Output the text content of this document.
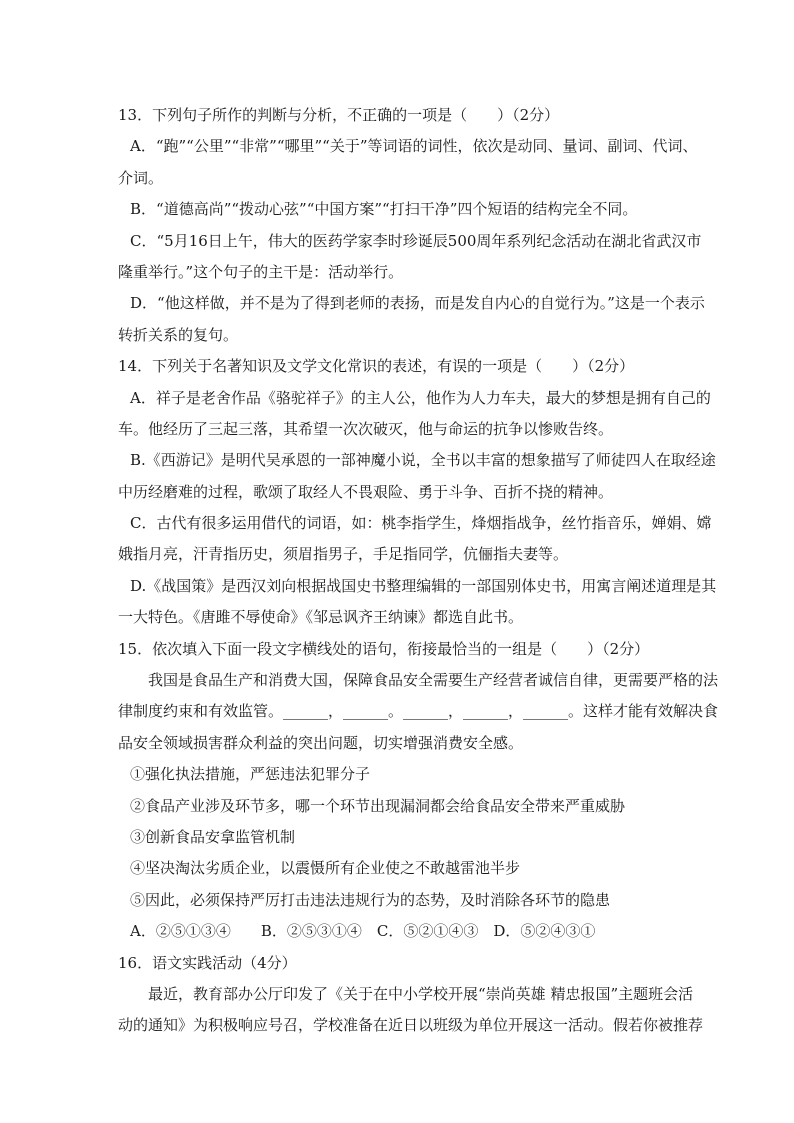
13．下列句子所作的判断与分析，不正确的一项是（　　）（2分）
A．“跑”“公里”“非常”“哪里”“关于”等词语的词性，依次是动同、量词、副词、代词、
介词。
B．“道德高尚”“拨动心弦”“中国方案”“打扫干净”四个短语的结构完全不同。
C．“5月16日上午，伟大的医药学家李时珍诞辰500周年系列纪念活动在湖北省武汉市
隆重举行。”这个句子的主干是：活动举行。
D．“他这样做，并不是为了得到老师的表扬，而是发自内心的自觉行为。”这是一个表示
转折关系的复句。
14．下列关于名著知识及文学文化常识的表述，有误的一项是（　　）（2分）
A．祥子是老舍作品《骆驼祥子》的主人公，他作为人力车夫，最大的梦想是拥有自己的
车。他经历了三起三落，其希望一次次破灭，他与命运的抗争以惨败告终。
B.《西游记》是明代吴承恩的一部神魔小说，全书以丰富的想象描写了师徒四人在取经途
中历经磨难的过程，歌颂了取经人不畏艰险、勇于斗争、百折不挠的精神。
C．古代有很多运用借代的词语，如：桃李指学生，烽烟指战争，丝竹指音乐，婵娟、嫦
娥指月亮，汗青指历史，须眉指男子，手足指同学，伉俪指夫妻等。
D.《战国策》是西汉刘向根据战国史书整理编辑的一部国别体史书，用寓言阐述道理是其
一大特色。《唐雎不辱使命》《邹忌讽齐王纳谏》都选自此书。
15．依次填入下面一段文字横线处的语句，衔接最恰当的一组是（　　）（2分）
我国是食品生产和消费大国，保障食品安全需要生产经营者诚信自律，更需要严格的法
律制度约束和有效监管。______，______。______，______，______。这样才能有效解决食
品安全领域损害群众利益的突出问题，切实增强消费安全感。
①强化执法措施，严惩违法犯罪分子
②食品产业涉及环节多，哪一个环节出现漏洞都会给食品安全带来严重威胁
③创新食品安拿监管机制
④坚决淘汰劣质企业，以震慑所有企业使之不敢越雷池半步
⑤因此，必须保持严厉打击违法违规行为的态势，及时消除各环节的隐患
A．②⑤①③④　　B．②⑤③①④　C．⑤②①④③　D．⑤②④③①
16．语文实践活动（4分）
最近，教育部办公厅印发了《关于在中小学校开展“崇尚英雄 精忠报国”主题班会活
动的通知》为积极响应号召，学校准备在近日以班级为单位开展这一活动。假若你被推荐
